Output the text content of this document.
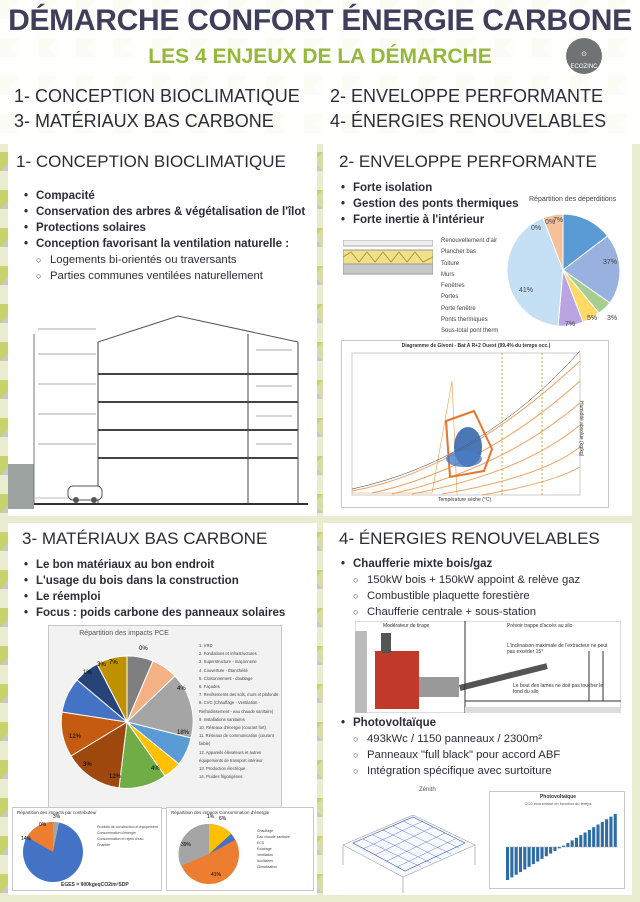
DÉMARCHE CONFORT ÉNERGIE CARBONE
LES 4 ENJEUX DE LA DÉMARCHE	⊙
ECOZINC
1- CONCEPTION BIOCLIMATIQUE 2- ENVELOPPE PERFORMANTE
3- MATÉRIAUX BAS CARBONE	4- ÉNERGIES RENOUVELABLES
1- CONCEPTION BIOCLIMATIQUE
• Compacité
• Conservation des arbres & végétalisation de l'îlot
• Protections solaires
• Conception favorisant la ventilation naturelle :
○ Logements bi-orientés ou traversants
○ Parties communes ventilées naturellement
2- ENVELOPPE PERFORMANTE
• Forte isolation
• Gestion des ponts thermiques
• Forte inertie à l'intérieur
Renouvellement d'air
Plancher bas
Toiture
Murs
Fenêtres
Portes
Porte fenêtre
Ponts thermiques
Sous-total pont therm
Répartition des déperditions
0%
0%
7%
37%
3%
5%
7%
41%
Diagramme de Givoni - Bat A R+2 Ouest (99.4% du temps occ.)
Température sèche (°C)
Humidité absolue (kg/kg)
3- MATÉRIAUX BAS CARBONE
• Le bon matériaux au bon endroit
• L'usage du bois dans la construction
• Le réemploi
• Focus : poids carbone des panneaux solaires
Répartition des impacts PCE
0%
7%
4%
18%
4%
12%
3%
12%
1%
3%
1. VRD
2. Fondations et infrastructures
3. Superstructure - maçonnerie
4. Couverture - Étanchéité
5. Cloisonnement - doublage
6. Façades
7. Revêtements des sols, murs et plafonds
8. CVC (Chauffage - Ventilation - Refroidissement - eau chaude sanitaire)
9. Installations sanitaires
10. Réseaux d'énergie (courant fort)
11. Réseaux de communication (courant faible)
12. Appareils élévateurs et autres équipements de transport intérieur
13. Production électrique
14. Fluides frigorigènes
Répartition des impacts par contributeur
0%
14%
3%
Produits de construction et équipement
Consommation d'énergie
Consommation et rejets d'eau
Chantier
EGES = 900kgeqCO2/m²SDP
Répartition des impacts Consommation d'énergie
1% 6%
39%
41%
Chauffage
Eau chaude sanitaire
ECS
Éclairage
Ventilation
Auxiliaires
Climatisation
4- ÉNERGIES RENOUVELABLES
• Chaufferie mixte bois/gaz
○ 150kW bois + 150kW appoint & relève gaz
○ Combustible plaquette forestière
○ Chaufferie centrale + sous-station
Modérateur de tirage	Prévoir trappe d'accès au silo
L'inclinaison maximale de l'extracteur ne peut pas excéder 15°
Le bout des lames ne doit pas toucher le fond du silo
• Photovoltaïque
○ 493kWc / 1150 panneaux / 2300m²
○ Panneaux "full black" pour accord ABF
○ Intégration spécifique avec surtoiture
Zénith
Photovoltaïque
CO2 économisé en fonction du temps
